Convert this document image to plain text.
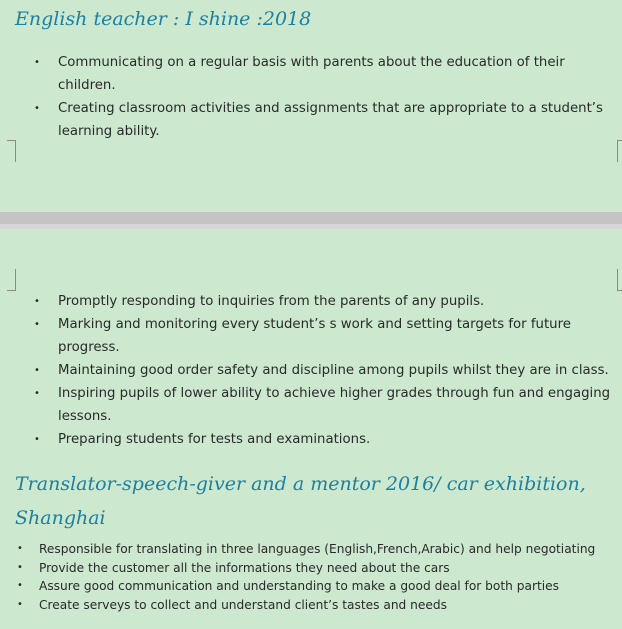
English teacher : I shine :2018
• Communicating on a regular basis with parents about the education of their children.
• Creating classroom activities and assignments that are appropriate to a student’s learning ability.
• Promptly responding to inquiries from the parents of any pupils.
• Marking and monitoring every student’s s work and setting targets for future progress.
• Maintaining good order safety and discipline among pupils whilst they are in class.
• Inspiring pupils of lower ability to achieve higher grades through fun and engaging lessons.
• Preparing students for tests and examinations.
Translator-speech-giver and a mentor 2016/ car exhibition, Shanghai
• Responsible for translating in three languages (English,French,Arabic) and help negotiating
• Provide the customer all the informations they need about the cars
• Assure good communication and understanding to make a good deal for both parties
• Create serveys to collect and understand client’s tastes and needs
